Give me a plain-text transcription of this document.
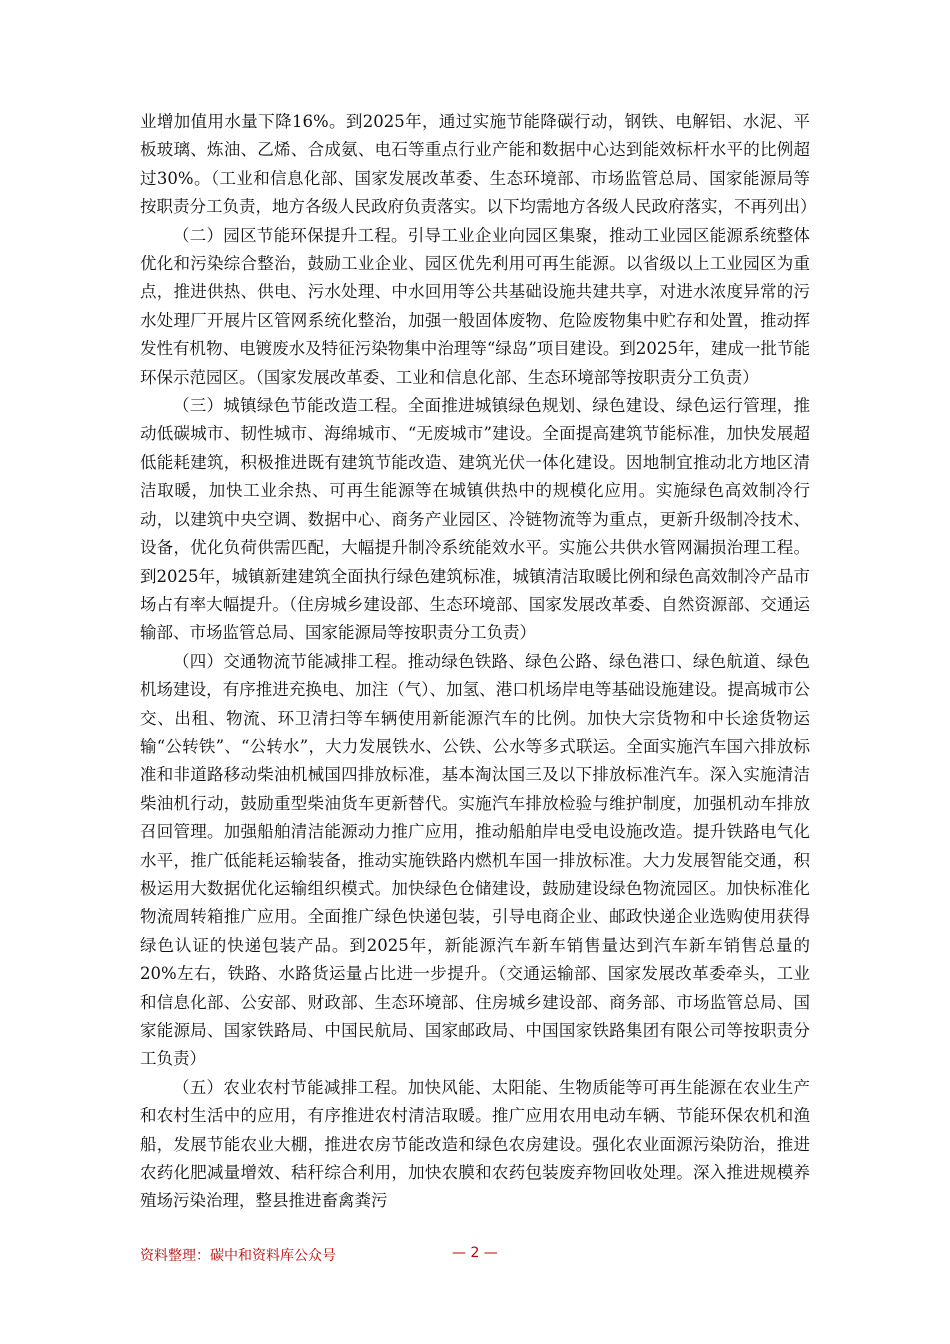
业增加值用水量下降16%。到2025年，通过实施节能降碳行动，钢铁、电解铝、水泥、平板玻璃、炼油、乙烯、合成氨、电石等重点行业产能和数据中心达到能效标杆水平的比例超过30%。（工业和信息化部、国家发展改革委、生态环境部、市场监管总局、国家能源局等按职责分工负责，地方各级人民政府负责落实。以下均需地方各级人民政府落实，不再列出）

（二）园区节能环保提升工程。引导工业企业向园区集聚，推动工业园区能源系统整体优化和污染综合整治，鼓励工业企业、园区优先利用可再生能源。以省级以上工业园区为重点，推进供热、供电、污水处理、中水回用等公共基础设施共建共享，对进水浓度异常的污水处理厂开展片区管网系统化整治，加强一般固体废物、危险废物集中贮存和处置，推动挥发性有机物、电镀废水及特征污染物集中治理等“绿岛”项目建设。到2025年，建成一批节能环保示范园区。（国家发展改革委、工业和信息化部、生态环境部等按职责分工负责）

（三）城镇绿色节能改造工程。全面推进城镇绿色规划、绿色建设、绿色运行管理，推动低碳城市、韧性城市、海绵城市、“无废城市”建设。全面提高建筑节能标准，加快发展超低能耗建筑，积极推进既有建筑节能改造、建筑光伏一体化建设。因地制宜推动北方地区清洁取暖，加快工业余热、可再生能源等在城镇供热中的规模化应用。实施绿色高效制冷行动，以建筑中央空调、数据中心、商务产业园区、冷链物流等为重点，更新升级制冷技术、设备，优化负荷供需匹配，大幅提升制冷系统能效水平。实施公共供水管网漏损治理工程。到2025年，城镇新建建筑全面执行绿色建筑标准，城镇清洁取暖比例和绿色高效制冷产品市场占有率大幅提升。（住房城乡建设部、生态环境部、国家发展改革委、自然资源部、交通运输部、市场监管总局、国家能源局等按职责分工负责）

（四）交通物流节能减排工程。推动绿色铁路、绿色公路、绿色港口、绿色航道、绿色机场建设，有序推进充换电、加注（气）、加氢、港口机场岸电等基础设施建设。提高城市公交、出租、物流、环卫清扫等车辆使用新能源汽车的比例。加快大宗货物和中长途货物运输“公转铁”、“公转水”，大力发展铁水、公铁、公水等多式联运。全面实施汽车国六排放标准和非道路移动柴油机械国四排放标准，基本淘汰国三及以下排放标准汽车。深入实施清洁柴油机行动，鼓励重型柴油货车更新替代。实施汽车排放检验与维护制度，加强机动车排放召回管理。加强船舶清洁能源动力推广应用，推动船舶岸电受电设施改造。提升铁路电气化水平，推广低能耗运输装备，推动实施铁路内燃机车国一排放标准。大力发展智能交通，积极运用大数据优化运输组织模式。加快绿色仓储建设，鼓励建设绿色物流园区。加快标准化物流周转箱推广应用。全面推广绿色快递包装，引导电商企业、邮政快递企业选购使用获得绿色认证的快递包装产品。到2025年，新能源汽车新车销售量达到汽车新车销售总量的20%左右，铁路、水路货运量占比进一步提升。（交通运输部、国家发展改革委牵头，工业和信息化部、公安部、财政部、生态环境部、住房城乡建设部、商务部、市场监管总局、国家能源局、国家铁路局、中国民航局、国家邮政局、中国国家铁路集团有限公司等按职责分工负责）

（五）农业农村节能减排工程。加快风能、太阳能、生物质能等可再生能源在农业生产和农村生活中的应用，有序推进农村清洁取暖。推广应用农用电动车辆、节能环保农机和渔船，发展节能农业大棚，推进农房节能改造和绿色农房建设。强化农业面源污染防治，推进农药化肥减量增效、秸秆综合利用，加快农膜和农药包装废弃物回收处理。深入推进规模养殖场污染治理，整县推进畜禽粪污

资料整理：碳中和资料库公众号	— 2 —
